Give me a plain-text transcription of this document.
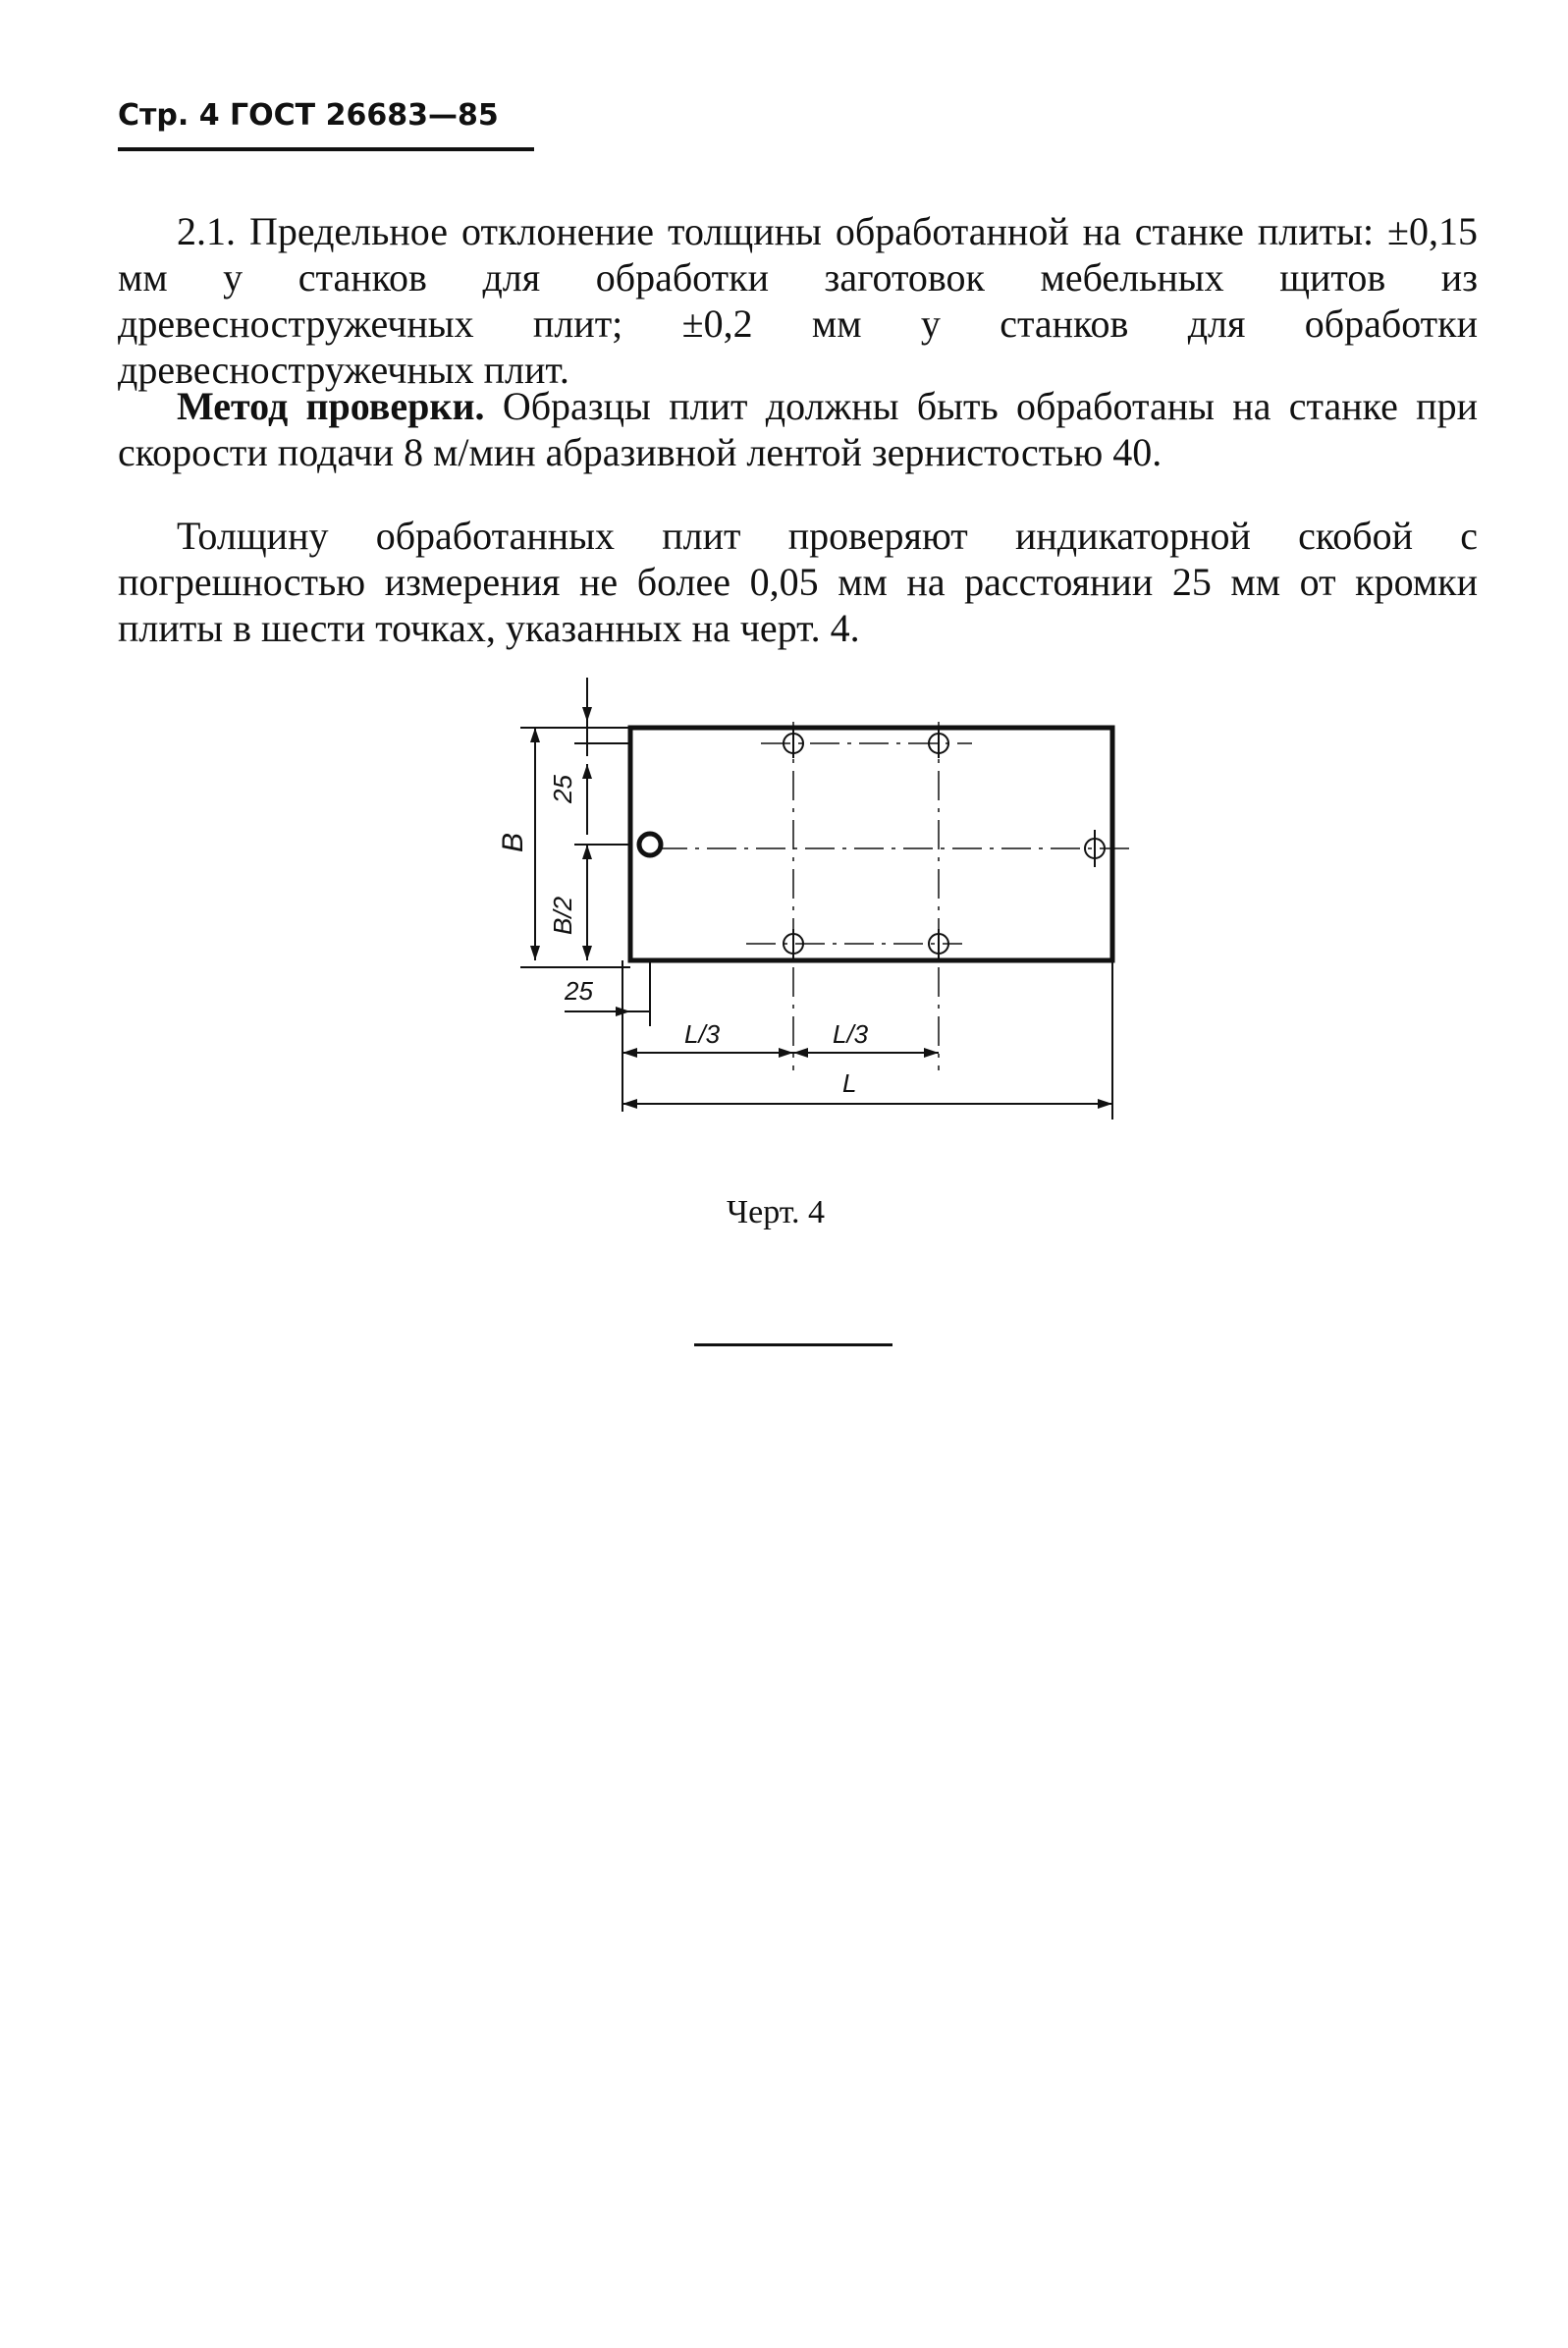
Стр. 4 ГОСТ 26683—85

2.1. Предельное отклонение толщины обработанной на станке плиты: ±0,15 мм у станков для обработки заготовок мебельных щитов из древесностружечных плит; ±0,2 мм у станков для обработки древесностружечных плит.

Метод проверки. Образцы плит должны быть обработаны на станке при скорости подачи 8 м/мин абразивной лентой зернистостью 40.

Толщину обработанных плит проверяют индикаторной скобой с погрешностью измерения не более 0,05 мм на расстоянии 25 мм от кромки плиты в шести точках, указанных на черт. 4.

25
B
B/2
25
L/3	L/3
L
Черт. 4
